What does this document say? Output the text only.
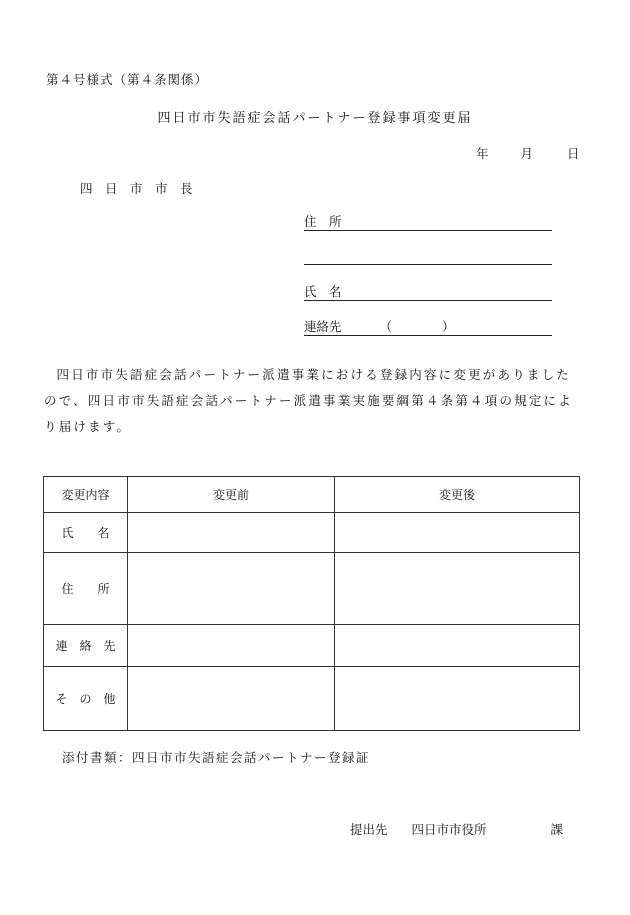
第４号様式（第４条関係）
四日市市失語症会話パートナー登録事項変更届
年	月	日
四　日　市　市　長
住　所
氏　名
連絡先	（　　　　）
四日市市失語症会話パートナー派遣事業における登録内容に変更がありましたので、四日市市失語症会話パートナー派遣事業実施要綱第４条第４項の規定により届けます。
変更内容	変更前	変更後
氏　　名		
住　　所		
連　絡　先		
そ　の　他		
添付書類：四日市市失語症会話パートナー登録証
提出先 四日市市役所	課
